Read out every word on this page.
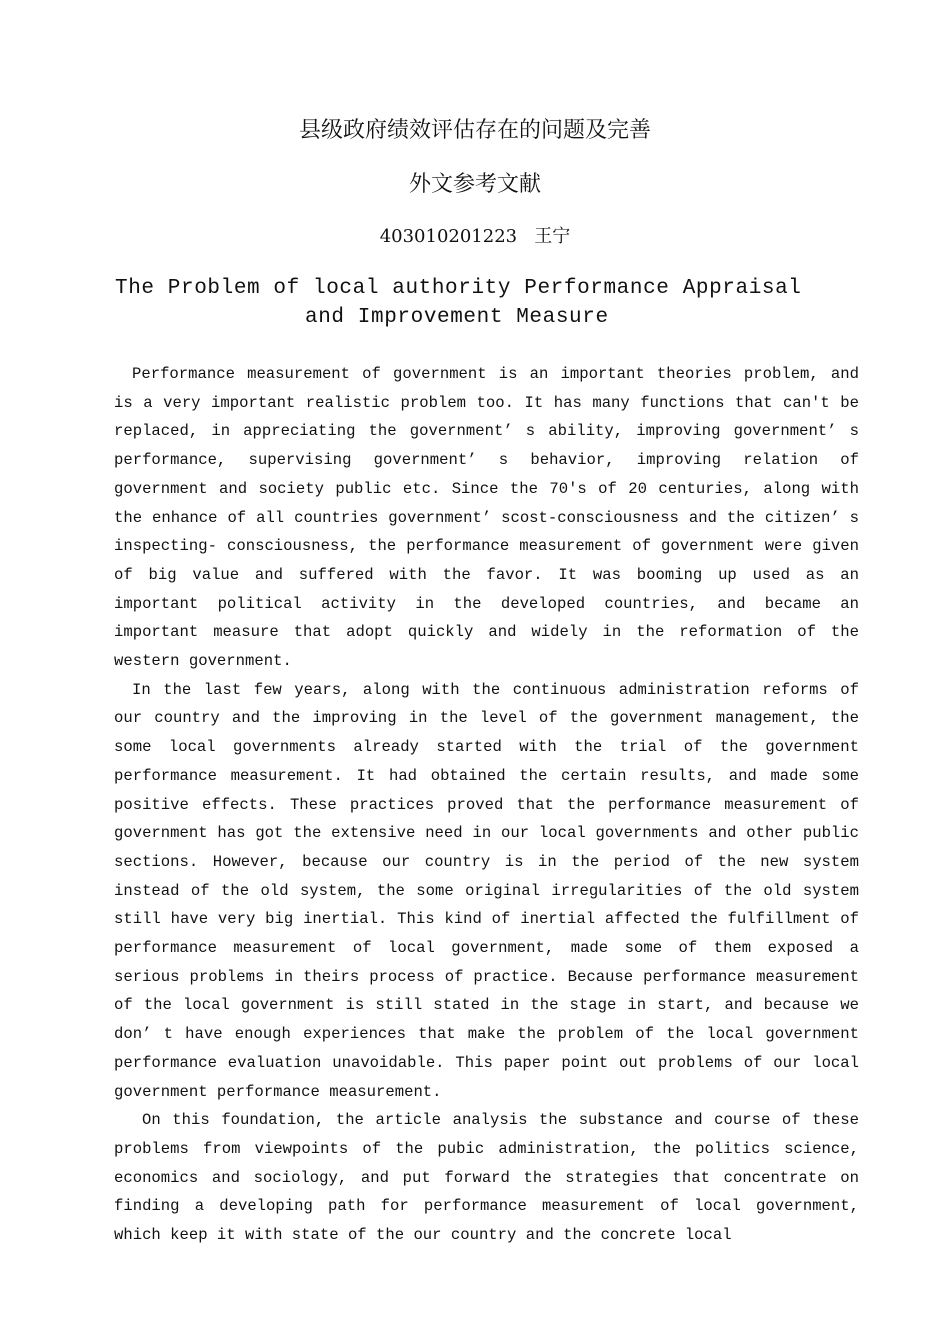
县级政府绩效评估存在的问题及完善
外文参考文献
403010201223 王宁
The Problem of local authority Performance Appraisal
and Improvement Measure

Performance measurement of government is an important theories problem, and is a very important realistic problem too. It has many functions that can′t be replaced, in appreciating the government’ s ability, improving government’ s performance, supervising government’ s behavior, improving relation of government and society public etc. Since the 70′s of 20 centuries, along with the enhance of all countries government’ scost-consciousness and the citizen’ s inspecting- consciousness, the performance measurement of government were given of big value and suffered with the favor. It was booming up used as an important political activity in the developed countries, and became an important measure that adopt quickly and widely in the reformation of the western government.

In the last few years, along with the continuous administration reforms of our country and the improving in the level of the government management, the some local governments already started with the trial of the government performance measurement. It had obtained the certain results, and made some positive effects. These practices proved that the performance measurement of government has got the extensive need in our local governments and other public sections. However, because our country is in the period of the new system instead of the old system, the some original irregularities of the old system still have very big inertial. This kind of inertial affected the fulfillment of performance measurement of local government, made some of them exposed a serious problems in theirs process of practice. Because performance measurement of the local government is still stated in the stage in start, and because we don’ t have enough experiences that make the problem of the local government performance evaluation unavoidable. This paper point out problems of our local government performance measurement.

On this foundation, the article analysis the substance and course of these problems from viewpoints of the pubic administration, the politics science, economics and sociology, and put forward the strategies that concentrate on finding a developing path for performance measurement of local government, which keep it with state of the our country and the concrete local
